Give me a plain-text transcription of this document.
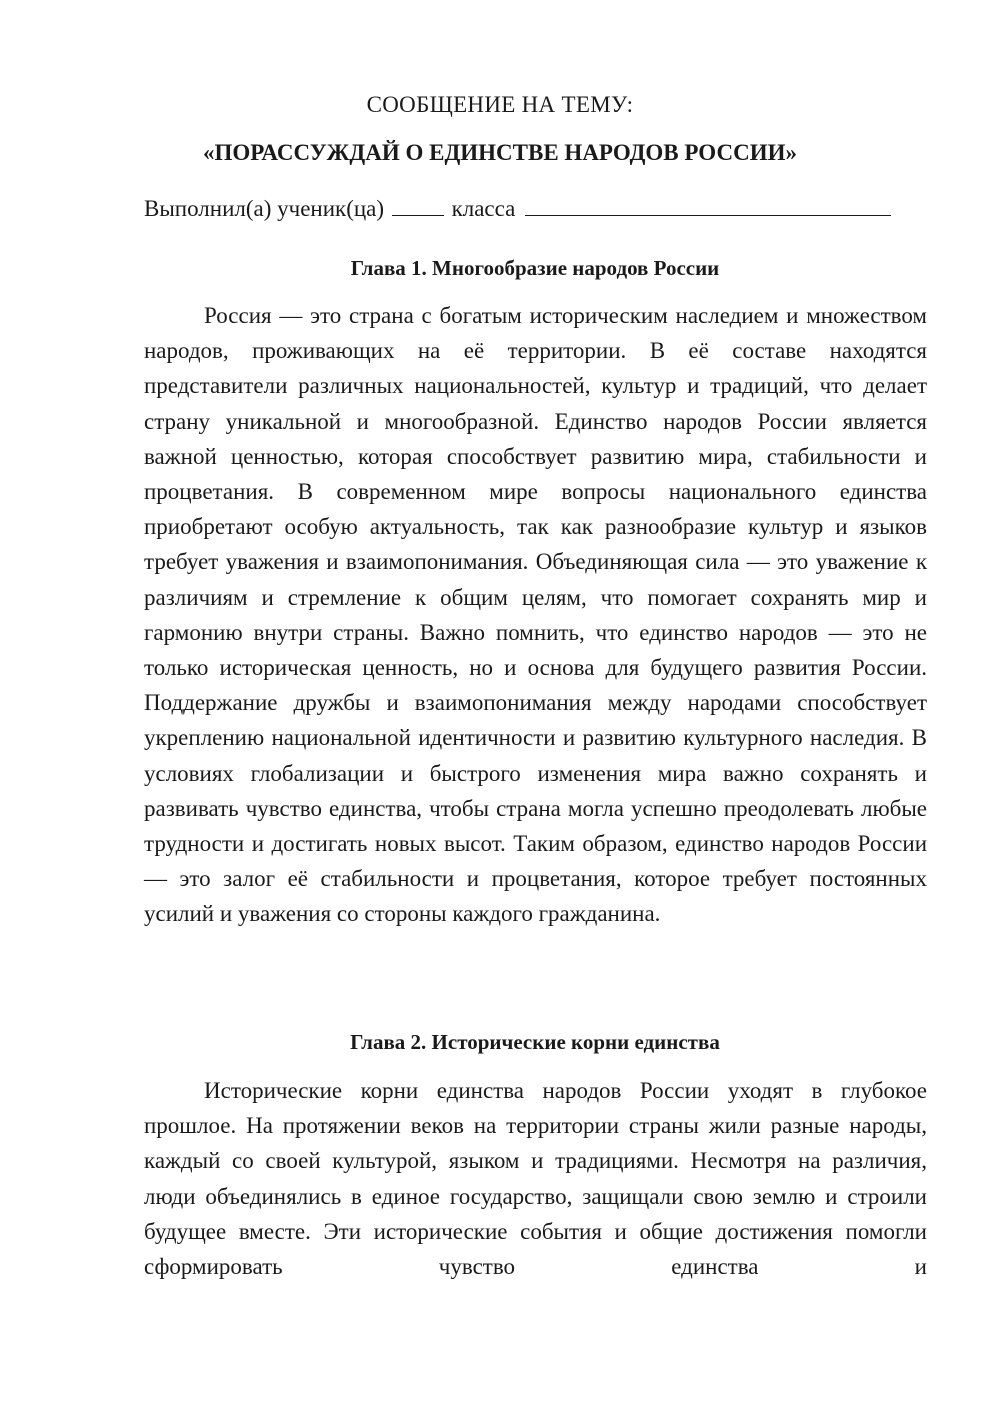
СООБЩЕНИЕ НА ТЕМУ:
«ПОРАССУЖДАЙ О ЕДИНСТВЕ НАРОДОВ РОССИИ»
Выполнил(а) ученик(ца)	класса
Глава 1. Многообразие народов России

Россия — это страна с богатым историческим наследием и множеством народов, проживающих на её территории. В её составе находятся представители различных национальностей, культур и традиций, что делает страну уникальной и многообразной. Единство народов России является важной ценностью, которая способствует развитию мира, стабильности и процветания. В современном мире вопросы национального единства приобретают особую актуальность, так как разнообразие культур и языков требует уважения и взаимопонимания. Объединяющая сила — это уважение к различиям и стремление к общим целям, что помогает сохранять мир и гармонию внутри страны. Важно помнить, что единство народов — это не только историческая ценность, но и основа для будущего развития России. Поддержание дружбы и взаимопонимания между народами способствует укреплению национальной идентичности и развитию культурного наследия. В условиях глобализации и быстрого изменения мира важно сохранять и развивать чувство единства, чтобы страна могла успешно преодолевать любые трудности и достигать новых высот. Таким образом, единство народов России — это залог её стабильности и процветания, которое требует постоянных усилий и уважения со стороны каждого гражданина.

Глава 2. Исторические корни единства

Исторические корни единства народов России уходят в глубокое прошлое. На протяжении веков на территории страны жили разные народы, каждый со своей культурой, языком и традициями. Несмотря на различия, люди объединялись в единое государство, защищали свою землю и строили будущее вместе. Эти исторические события и общие достижения помогли сформировать чувство единства и
